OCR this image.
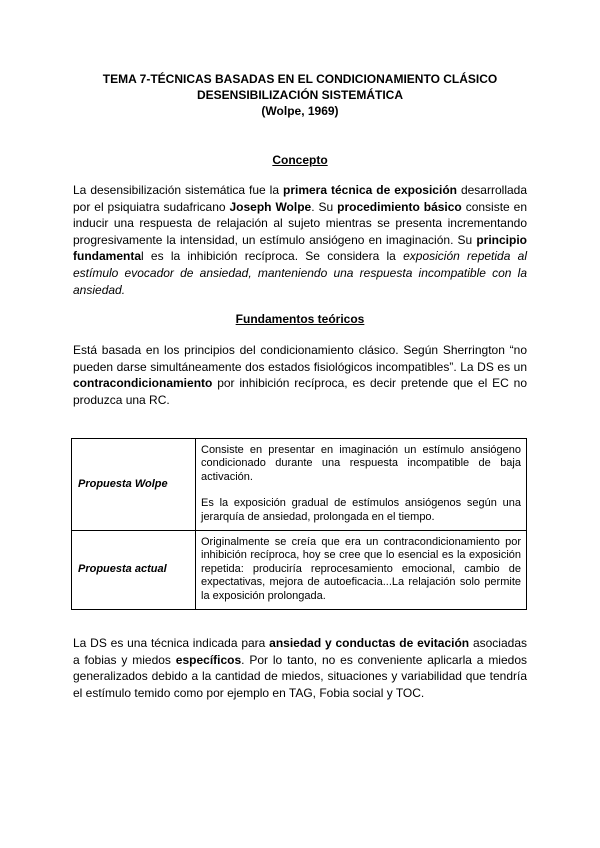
TEMA 7-TÉCNICAS BASADAS EN EL CONDICIONAMIENTO CLÁSICO
DESENSIBILIZACIÓN SISTEMÁTICA
(Wolpe, 1969)
Concepto
La desensibilización sistemática fue la primera técnica de exposición desarrollada por el psiquiatra sudafricano Joseph Wolpe. Su procedimiento básico consiste en inducir una respuesta de relajación al sujeto mientras se presenta incrementando progresivamente la intensidad, un estímulo ansiógeno en imaginación. Su principio fundamental es la inhibición recíproca. Se considera la exposición repetida al estímulo evocador de ansiedad, manteniendo una respuesta incompatible con la ansiedad.
Fundamentos teóricos
Está basada en los principios del condicionamiento clásico. Según Sherrington “no pueden darse simultáneamente dos estados fisiológicos incompatibles”. La DS es un contracondicionamiento por inhibición recíproca, es decir pretende que el EC no produzca una RC.
Propuesta Wolpe	Consiste en presentar en imaginación un estímulo ansiógeno condicionado durante una respuesta incompatible de baja activación.

Es la exposición gradual de estímulos ansiógenos según una jerarquía de ansiedad, prolongada en el tiempo.

Propuesta actual	Originalmente se creía que era un contracondicionamiento por inhibición recíproca, hoy se cree que lo esencial es la exposición repetida: produciría reprocesamiento emocional, cambio de expectativas, mejora de autoeficacia...La relajación solo permite la exposición prolongada.

La DS es una técnica indicada para ansiedad y conductas de evitación asociadas a fobias y miedos específicos. Por lo tanto, no es conveniente aplicarla a miedos generalizados debido a la cantidad de miedos, situaciones y variabilidad que tendría el estímulo temido como por ejemplo en TAG, Fobia social y TOC.
